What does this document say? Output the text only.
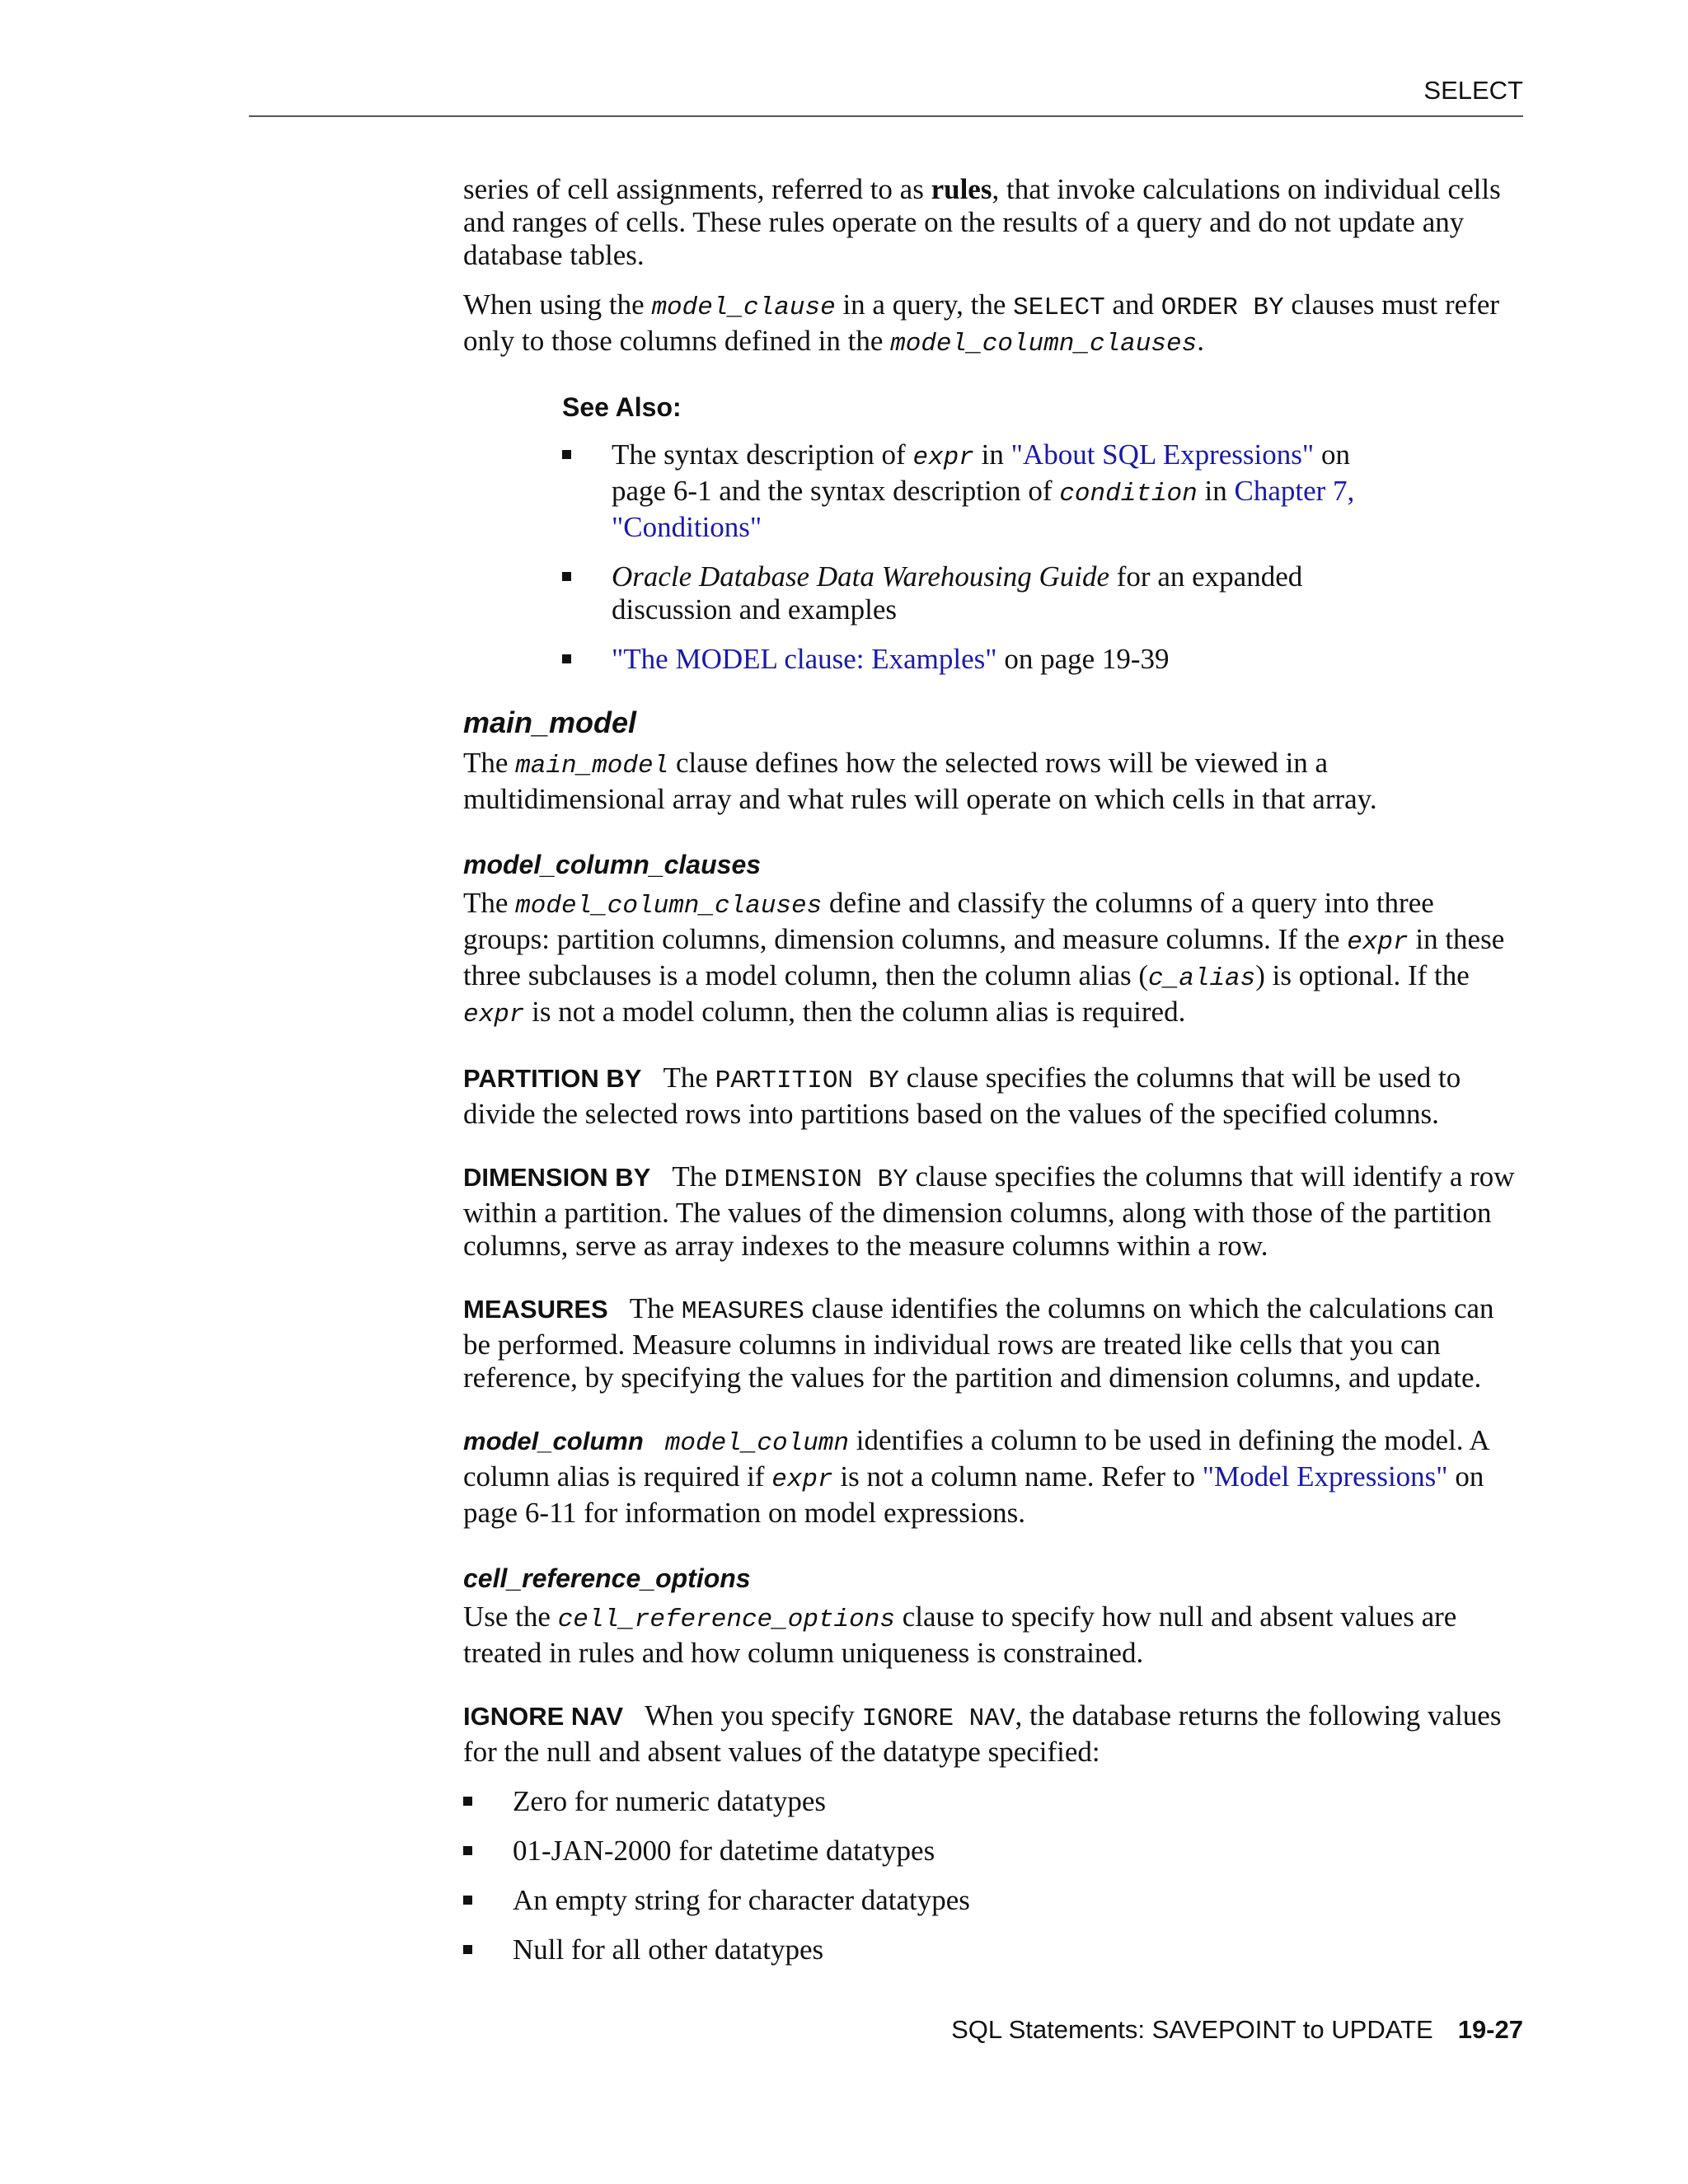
SELECT

series of cell assignments, referred to as rules, that invoke calculations on individual cells and ranges of cells. These rules operate on the results of a query and do not update any database tables.

When using the model_clause in a query, the SELECT and ORDER BY clauses must refer only to those columns defined in the model_column_clauses.

See Also:
The syntax description of expr in "About SQL Expressions" on page 6-1 and the syntax description of condition in Chapter 7, "Conditions"
Oracle Database Data Warehousing Guide for an expanded discussion and examples
"The MODEL clause: Examples" on page 19-39
main_model

The main_model clause defines how the selected rows will be viewed in a multidimensional array and what rules will operate on which cells in that array.

model_column_clauses

The model_column_clauses define and classify the columns of a query into three groups: partition columns, dimension columns, and measure columns. If the expr in these three subclauses is a model column, then the column alias (c_alias) is optional. If the expr is not a model column, then the column alias is required.

PARTITION BY The PARTITION BY clause specifies the columns that will be used to divide the selected rows into partitions based on the values of the specified columns.

DIMENSION BY The DIMENSION BY clause specifies the columns that will identify a row within a partition. The values of the dimension columns, along with those of the partition columns, serve as array indexes to the measure columns within a row.

MEASURES The MEASURES clause identifies the columns on which the calculations can be performed. Measure columns in individual rows are treated like cells that you can reference, by specifying the values for the partition and dimension columns, and update.

model_column model_column identifies a column to be used in defining the model. A column alias is required if expr is not a column name. Refer to "Model Expressions" on page 6-11 for information on model expressions.

cell_reference_options

Use the cell_reference_options clause to specify how null and absent values are treated in rules and how column uniqueness is constrained.

IGNORE NAV When you specify IGNORE NAV, the database returns the following values for the null and absent values of the datatype specified:

Zero for numeric datatypes
01-JAN-2000 for datetime datatypes
An empty string for character datatypes
Null for all other datatypes
SQL Statements: SAVEPOINT to UPDATE 19-27
